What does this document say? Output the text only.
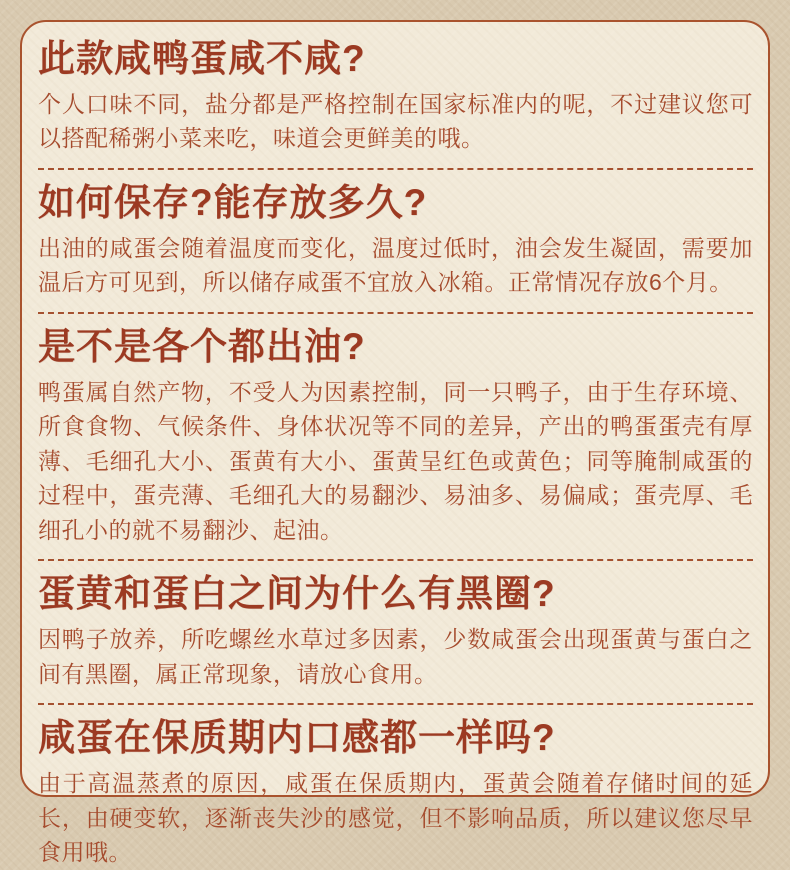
此款咸鸭蛋咸不咸?

个人口味不同，盐分都是严格控制在国家标准内的呢，不过建议您可以搭配稀粥小菜来吃，味道会更鲜美的哦。

如何保存?能存放多久?

出油的咸蛋会随着温度而变化，温度过低时，油会发生凝固，需要加温后方可见到，所以储存咸蛋不宜放入冰箱。正常情况存放6个月。

是不是各个都出油?

鸭蛋属自然产物，不受人为因素控制，同一只鸭子，由于生存环境、所食食物、气候条件、身体状况等不同的差异，产出的鸭蛋蛋壳有厚薄、毛细孔大小、蛋黄有大小、蛋黄呈红色或黄色；同等腌制咸蛋的过程中，蛋壳薄、毛细孔大的易翻沙、易油多、易偏咸；蛋壳厚、毛细孔小的就不易翻沙、起油。

蛋黄和蛋白之间为什么有黑圈?

因鸭子放养，所吃螺丝水草过多因素，少数咸蛋会出现蛋黄与蛋白之间有黑圈，属正常现象，请放心食用。

咸蛋在保质期内口感都一样吗?

由于高温蒸煮的原因，咸蛋在保质期内，蛋黄会随着存储时间的延长，由硬变软，逐渐丧失沙的感觉，但不影响品质，所以建议您尽早食用哦。
